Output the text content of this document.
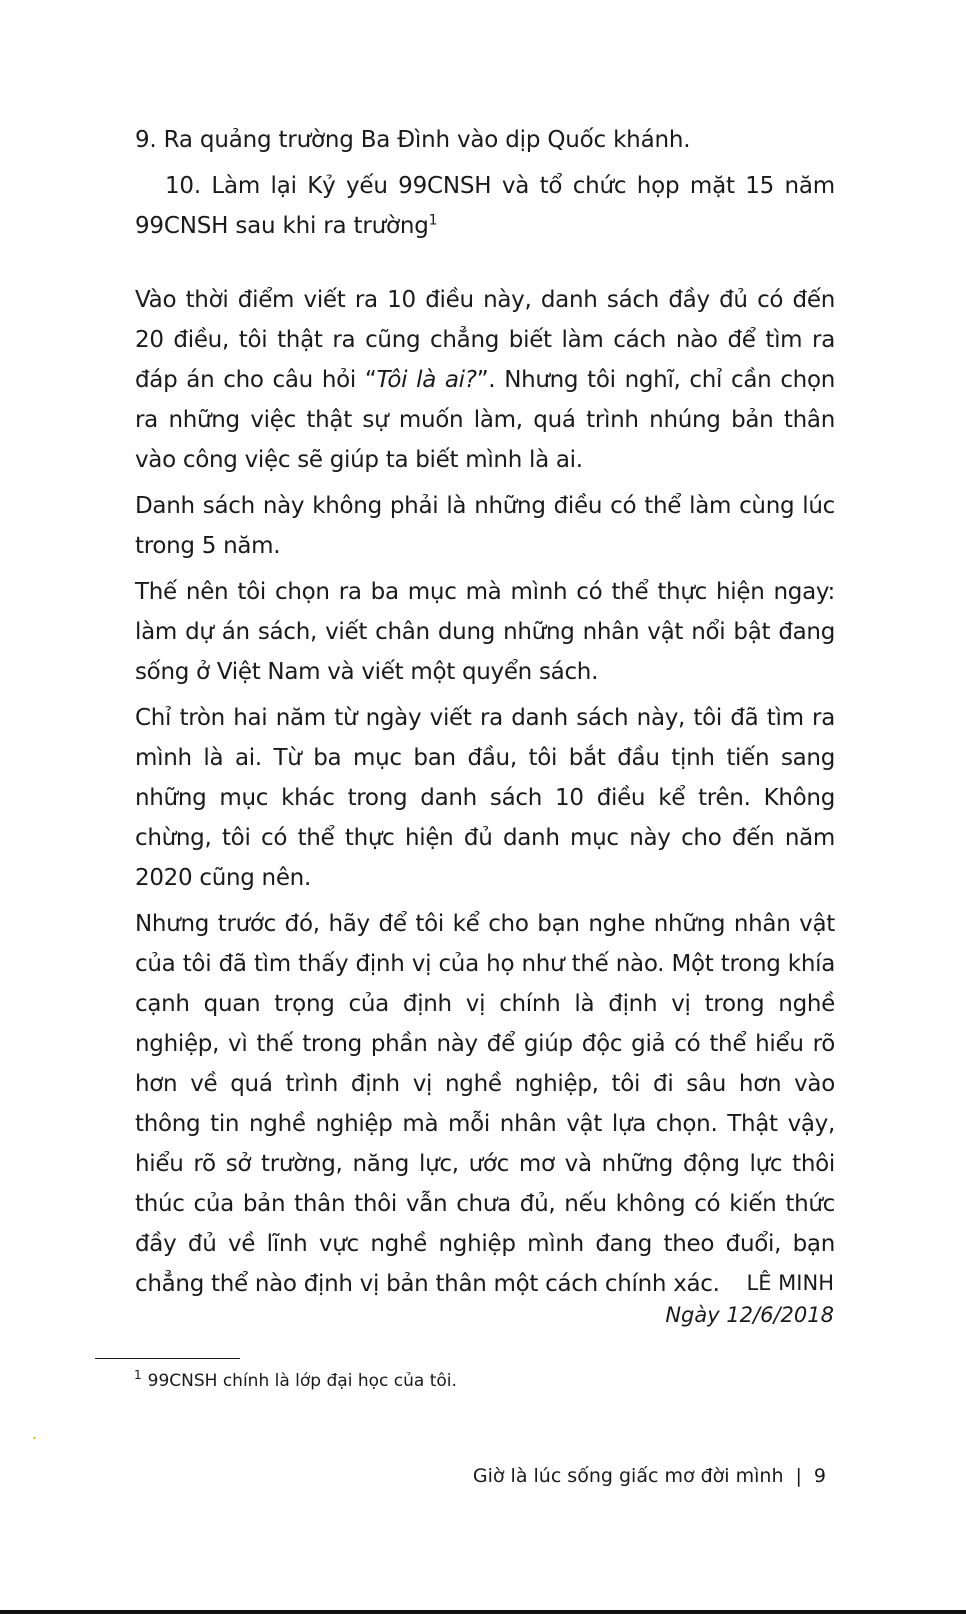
9. Ra quảng trường Ba Đình vào dịp Quốc khánh.
10. Làm lại Kỷ yếu 99CNSH và tổ chức họp mặt 15 năm 99CNSH sau khi ra trường$^1$

Vào thời điểm viết ra 10 điều này, danh sách đầy đủ có đến 20 điều, tôi thật ra cũng chẳng biết làm cách nào để tìm ra đáp án cho câu hỏi “Tôi là ai?”. Nhưng tôi nghĩ, chỉ cần chọn ra những việc thật sự muốn làm, quá trình nhúng bản thân vào công việc sẽ giúp ta biết mình là ai.

Danh sách này không phải là những điều có thể làm cùng lúc trong 5 năm.

Thế nên tôi chọn ra ba mục mà mình có thể thực hiện ngay: làm dự án sách, viết chân dung những nhân vật nổi bật đang sống ở Việt Nam và viết một quyển sách.

Chỉ tròn hai năm từ ngày viết ra danh sách này, tôi đã tìm ra mình là ai. Từ ba mục ban đầu, tôi bắt đầu tịnh tiến sang những mục khác trong danh sách 10 điều kể trên. Không chừng, tôi có thể thực hiện đủ danh mục này cho đến năm 2020 cũng nên.

Nhưng trước đó, hãy để tôi kể cho bạn nghe những nhân vật của tôi đã tìm thấy định vị của họ như thế nào. Một trong khía cạnh quan trọng của định vị chính là định vị trong nghề nghiệp, vì thế trong phần này để giúp độc giả có thể hiểu rõ hơn về quá trình định vị nghề nghiệp, tôi đi sâu hơn vào thông tin nghề nghiệp mà mỗi nhân vật lựa chọn. Thật vậy, hiểu rõ sở trường, năng lực, ước mơ và những động lực thôi thúc của bản thân thôi vẫn chưa đủ, nếu không có kiến thức đầy đủ về lĩnh vực nghề nghiệp mình đang theo đuổi, bạn chẳng thể nào định vị bản thân một cách chính xác.	LÊ MINH
Ngày 12/6/2018
$^1$ 99CNSH chính là lớp đại học của tôi.
Giờ là lúc sống giấc mơ đời mình | 9
